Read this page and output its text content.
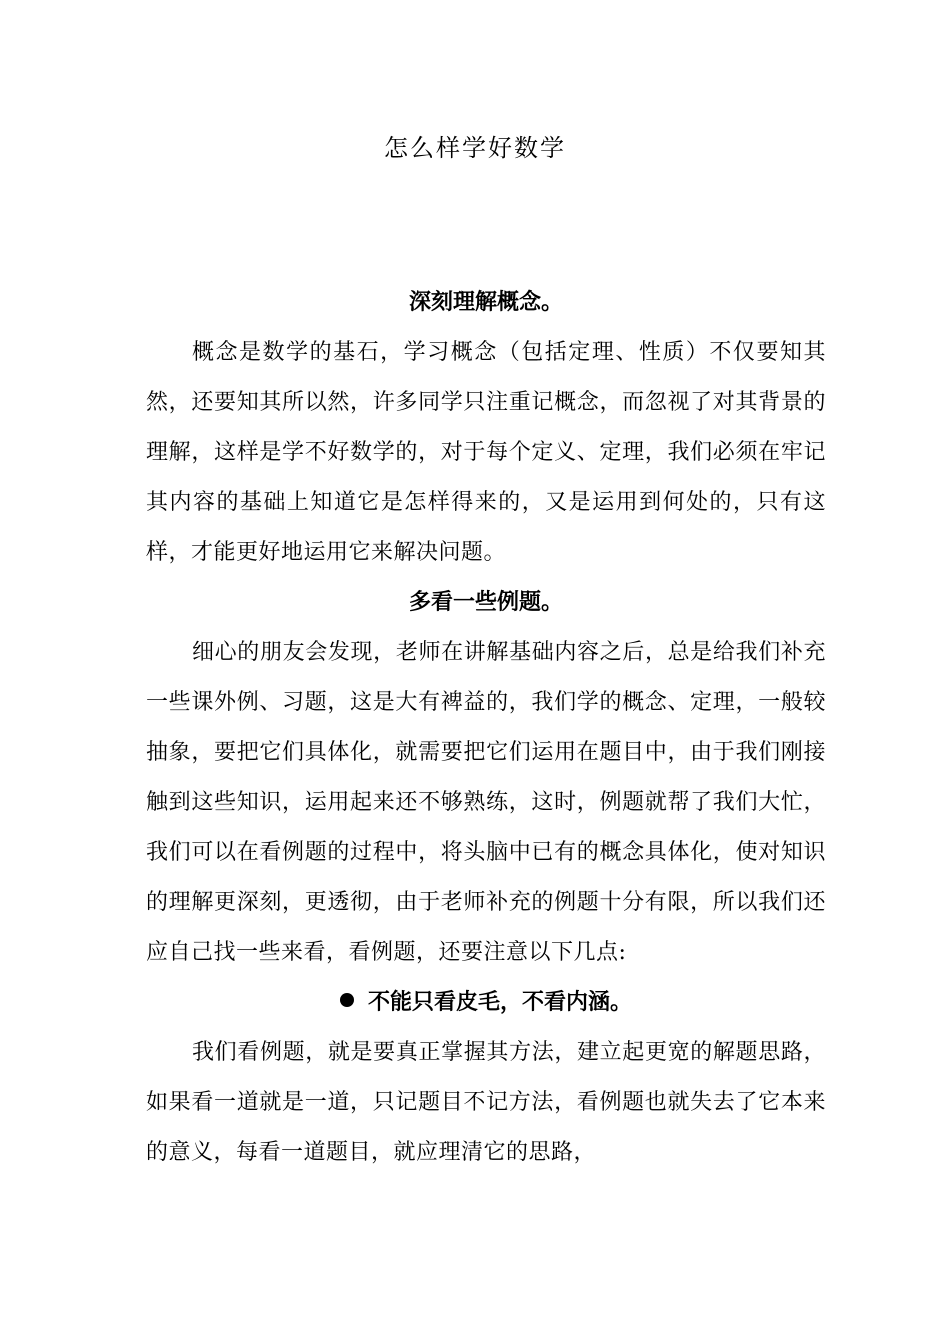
怎么样学好数学
深刻理解概念。

概念是数学的基石，学习概念（包括定理、性质）不仅要知其然，还要知其所以然，许多同学只注重记概念，而忽视了对其背景的理解，这样是学不好数学的，对于每个定义、定理，我们必须在牢记其内容的基础上知道它是怎样得来的，又是运用到何处的，只有这样，才能更好地运用它来解决问题。

多看一些例题。

细心的朋友会发现，老师在讲解基础内容之后，总是给我们补充一些课外例、习题，这是大有裨益的，我们学的概念、定理，一般较抽象，要把它们具体化，就需要把它们运用在题目中，由于我们刚接触到这些知识，运用起来还不够熟练，这时，例题就帮了我们大忙，我们可以在看例题的过程中，将头脑中已有的概念具体化，使对知识的理解更深刻，更透彻，由于老师补充的例题十分有限，所以我们还应自己找一些来看，看例题，还要注意以下几点:

不能只看皮毛，不看内涵。

我们看例题，就是要真正掌握其方法，建立起更宽的解题思路，如果看一道就是一道，只记题目不记方法，看例题也就失去了它本来的意义，每看一道题目，就应理清它的思路，
